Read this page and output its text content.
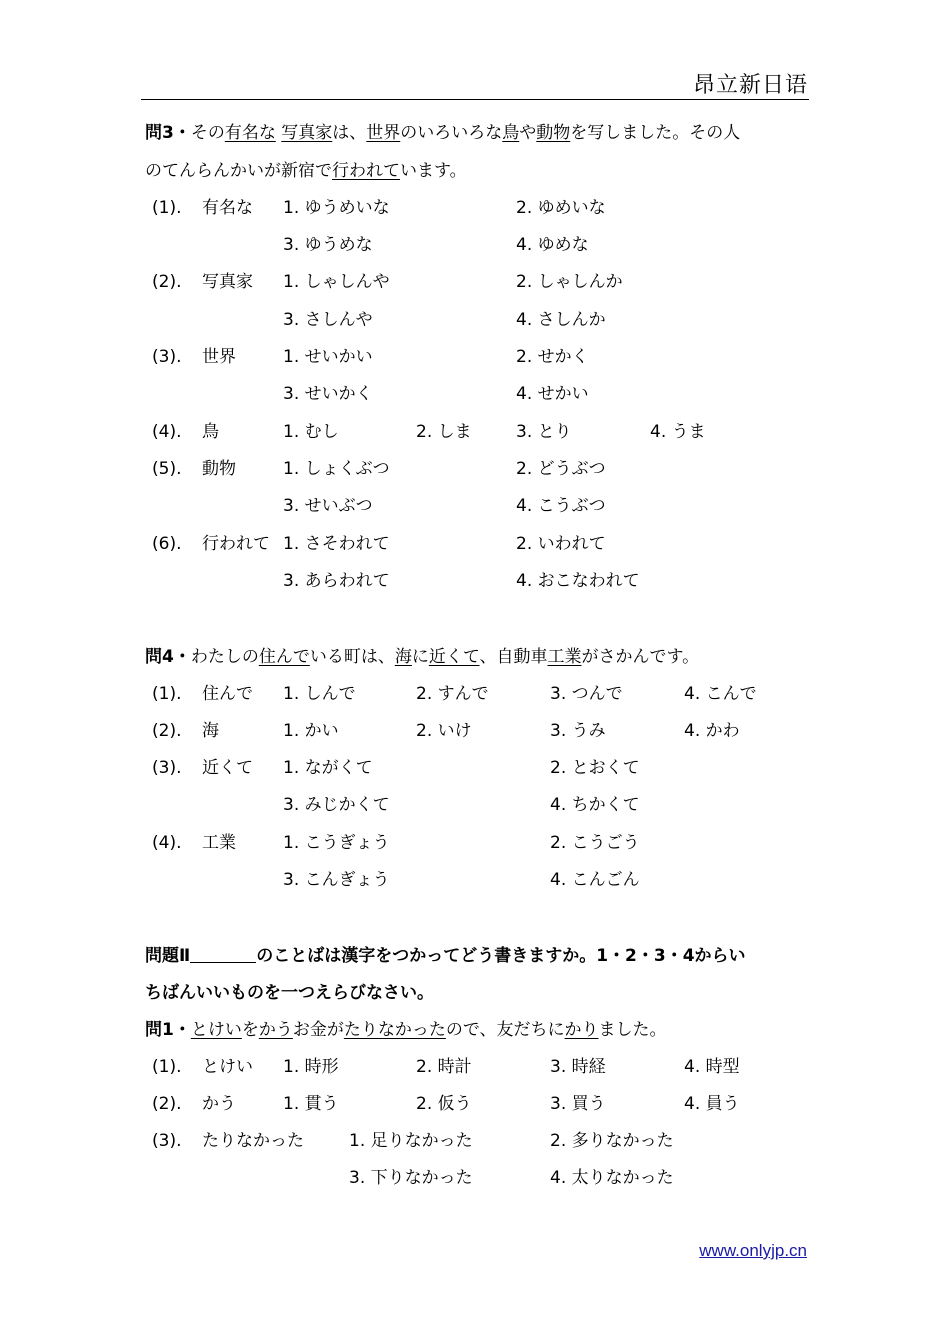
昂立新日语
問3・その有名な 写真家は、世界のいろいろな鳥や動物を写しました。その人
のてんらんかいが新宿で行われています。
(1). 有名な 1. ゆうめいな	2. ゆめいな
3. ゆうめな	4. ゆめな
(2). 写真家 1. しゃしんや	2. しゃしんか
3. さしんや	4. さしんか
(3). 世界	1. せいかい	2. せかく
3. せいかく	4. せかい
(4). 鳥	1. むし	2. しま	3. とり	4. うま
(5). 動物	1. しょくぶつ	2. どうぶつ
3. せいぶつ	4. こうぶつ
(6). 行われて 1. さそわれて	2. いわれて
3. あらわれて	4. おこなわれて
問4・わたしの住んでいる町は、海に近くて、自動車工業がさかんです。
(1). 住んで 1. しんで	2. すんで	3. つんで	4. こんで
(2). 海	1. かい	2. いけ	3. うみ	4. かわ
(3). 近くて 1. ながくて	2. とおくて
3. みじかくて	4. ちかくて
(4). 工業	1. こうぎょう	2. こうごう
3. こんぎょう	4. こんごん
問題Ⅱ	のことばは漢字をつかってどう書きますか。1・2・3・4からい
ちばんいいものを一つえらびなさい。
問1・とけいをかうお金がたりなかったので、友だちにかりました。
(1). とけい 1. 時形	2. 時計	3. 時経	4. 時型
(2). かう	1. 貫う	2. 仮う	3. 買う	4. 員う
(3). たりなかった	1. 足りなかった	2. 多りなかった
3. 下りなかった	4. 太りなかった
www.onlyjp.cn
